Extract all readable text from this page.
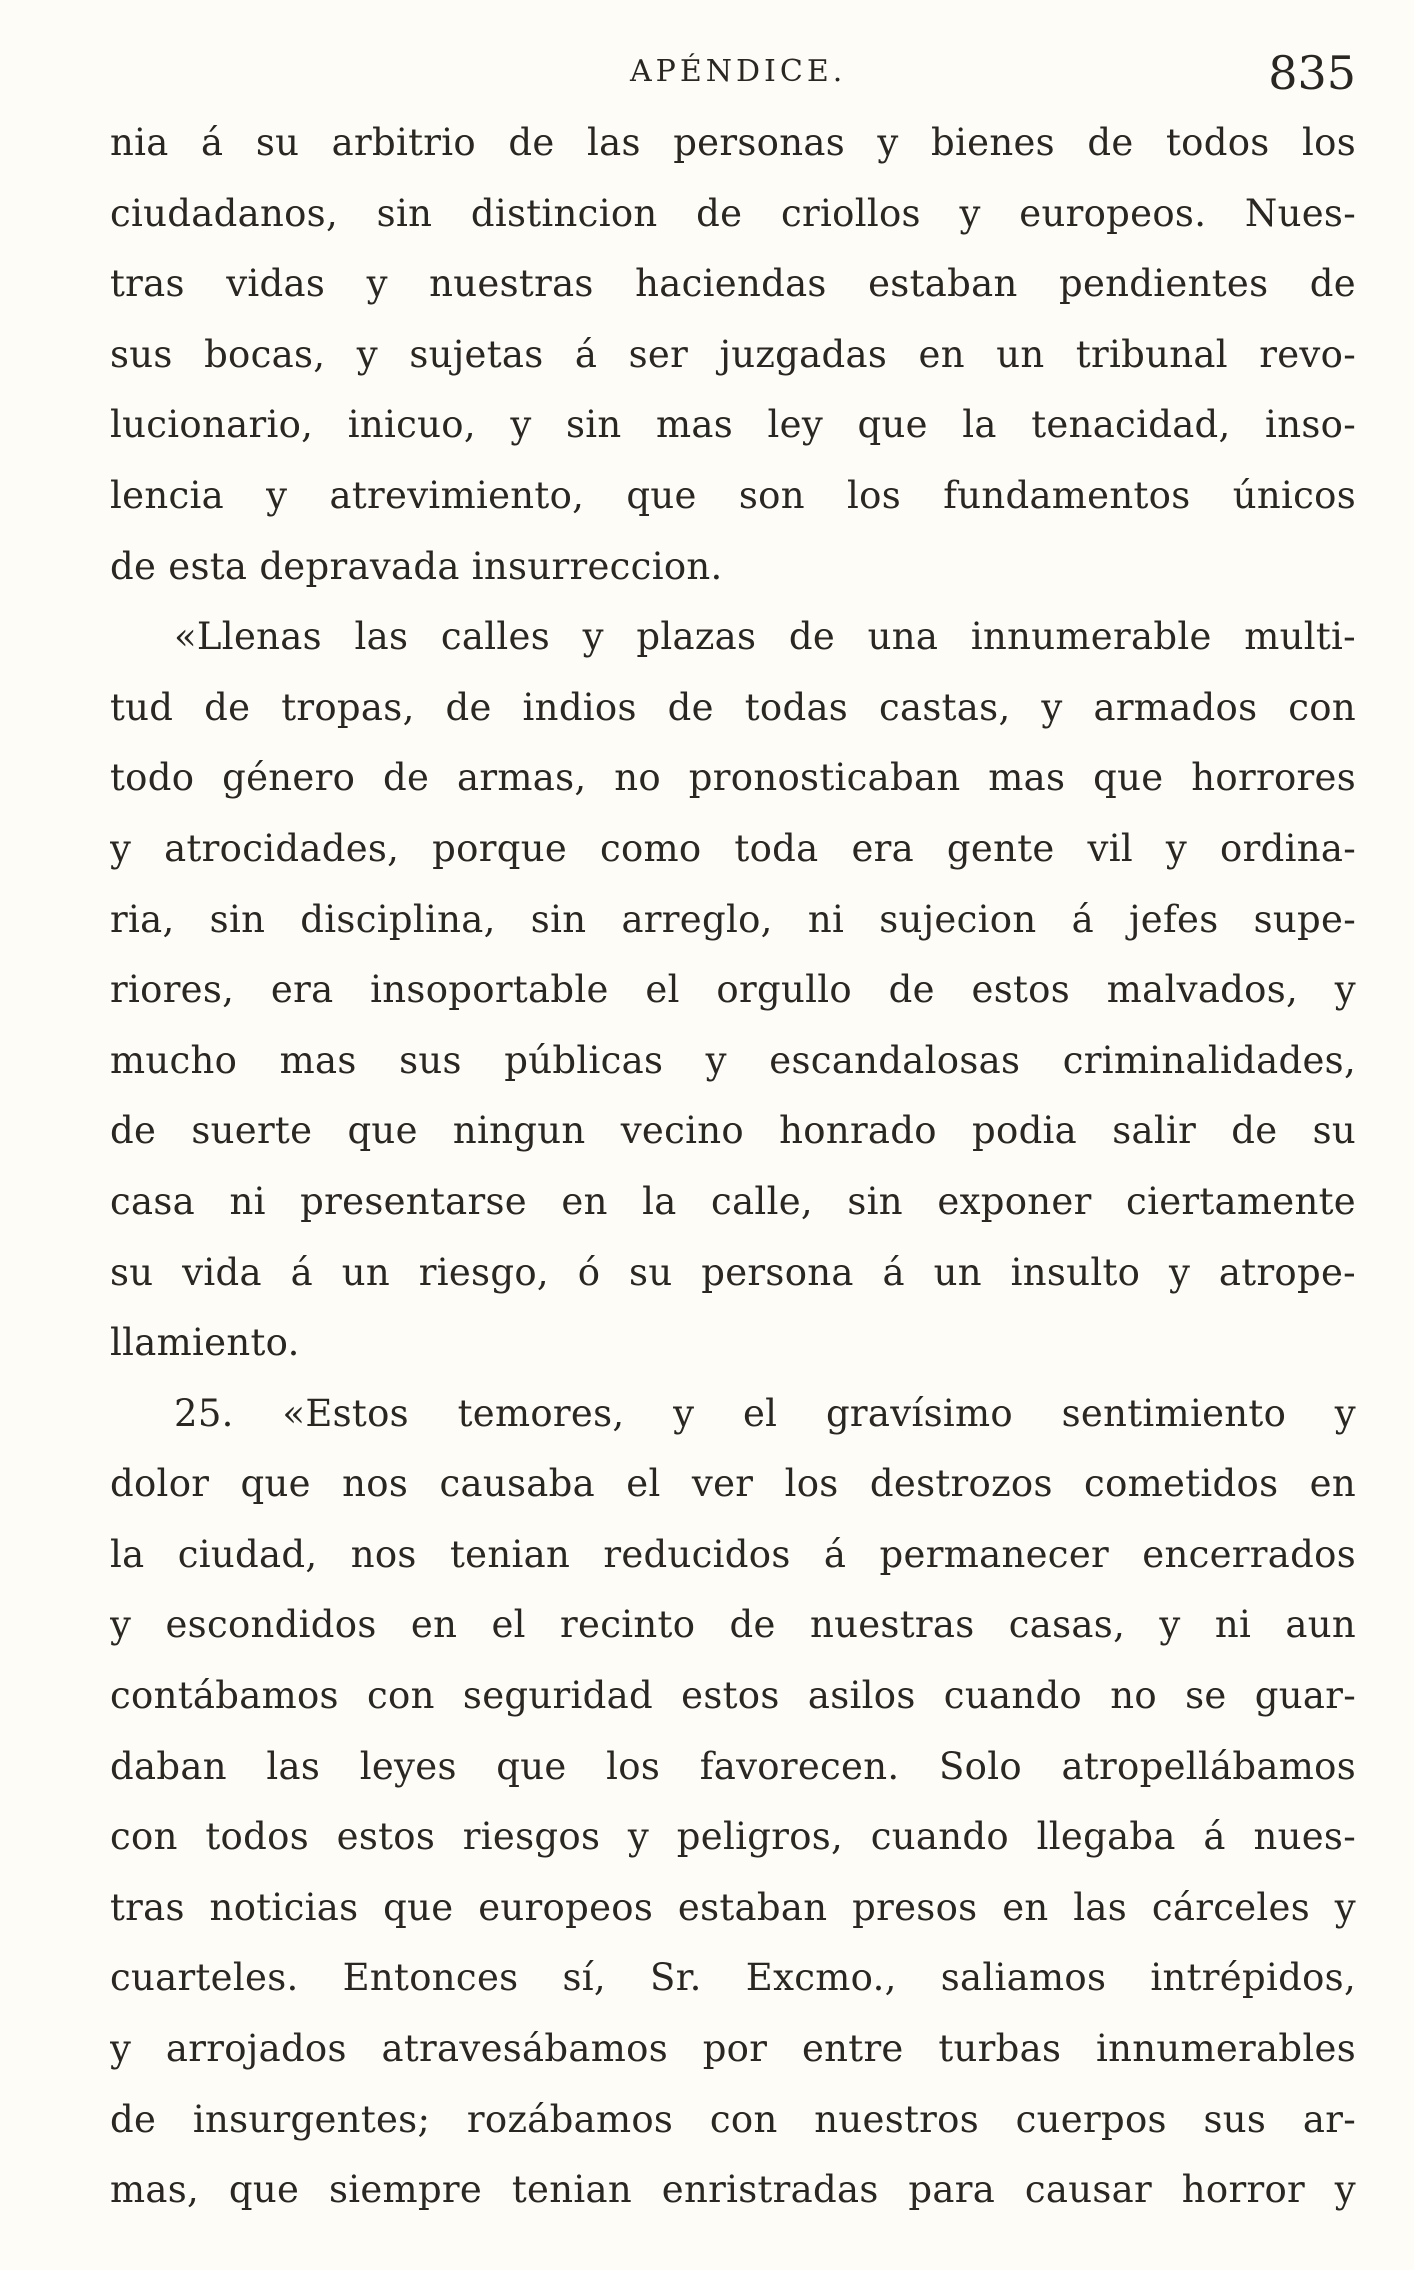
APÉNDICE.	835
nia á su arbitrio de las personas y bienes de todos los
ciudadanos, sin distincion de criollos y europeos. Nues-
tras vidas y nuestras haciendas estaban pendientes de
sus bocas, y sujetas á ser juzgadas en un tribunal revo-
lucionario, inicuo, y sin mas ley que la tenacidad, inso-
lencia y atrevimiento, que son los fundamentos únicos
de esta depravada insurreccion.
«Llenas las calles y plazas de una innumerable multi-
tud de tropas, de indios de todas castas, y armados con
todo género de armas, no pronosticaban mas que horrores
y atrocidades, porque como toda era gente vil y ordina-
ria, sin disciplina, sin arreglo, ni sujecion á jefes supe-
riores, era insoportable el orgullo de estos malvados, y
mucho mas sus públicas y escandalosas criminalidades,
de suerte que ningun vecino honrado podia salir de su
casa ni presentarse en la calle, sin exponer ciertamente
su vida á un riesgo, ó su persona á un insulto y atrope-
llamiento.
25. «Estos temores, y el gravísimo sentimiento y
dolor que nos causaba el ver los destrozos cometidos en
la ciudad, nos tenian reducidos á permanecer encerrados
y escondidos en el recinto de nuestras casas, y ni aun
contábamos con seguridad estos asilos cuando no se guar-
daban las leyes que los favorecen. Solo atropellábamos
con todos estos riesgos y peligros, cuando llegaba á nues-
tras noticias que europeos estaban presos en las cárceles y
cuarteles. Entonces sí, Sr. Excmo., saliamos intrépidos,
y arrojados atravesábamos por entre turbas innumerables
de insurgentes; rozábamos con nuestros cuerpos sus ar-
mas, que siempre tenian enristradas para causar horror y
